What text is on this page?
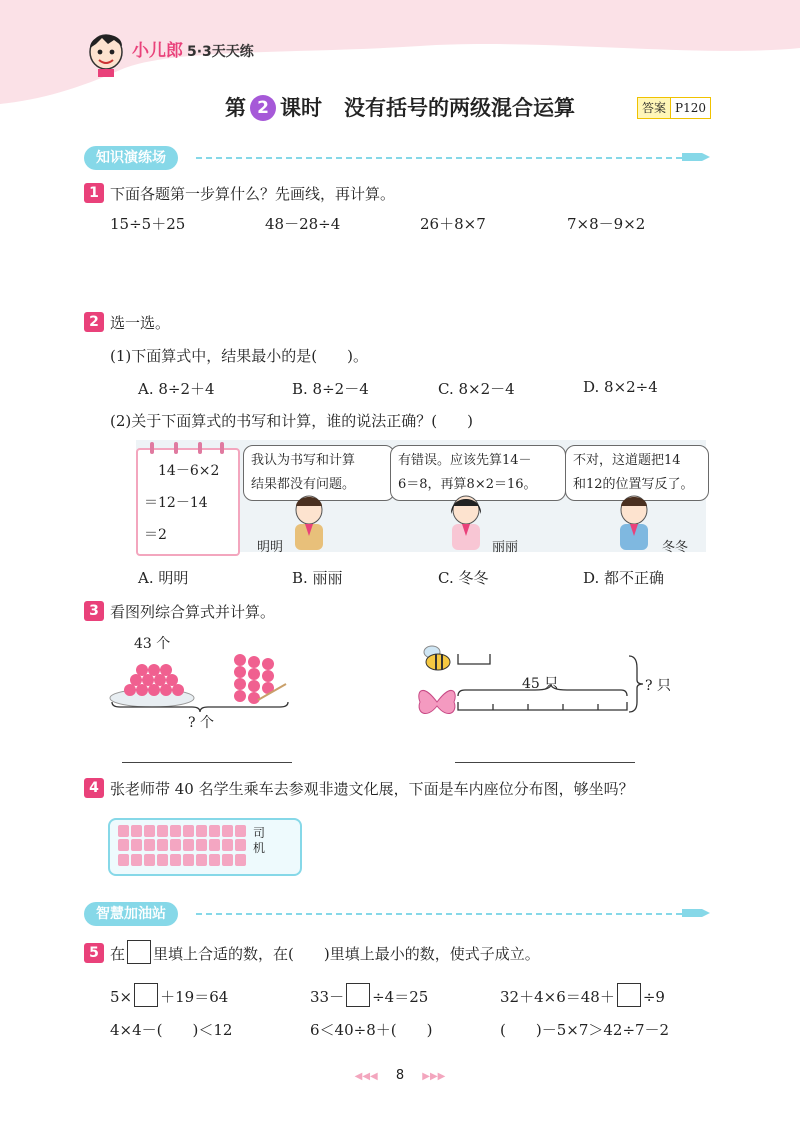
小儿郎 5·3天天练
第 2 课时 没有括号的两级混合运算	答案 P120
知识演练场
1 下面各题第一步算什么？先画线，再计算。
15÷5＋25	48－28÷4	26＋8×7	7×8－9×2
2 选一选。
(1)下面算式中，结果最小的是(　　)。
A. 8÷2＋4	B. 8÷2－4	C. 8×2－4	D. 8×2÷4
(2)关于下面算式的书写和计算，谁的说法正确？(　　)
14－6×2
＝12－14
＝2
我认为书写和计算
结果都没有问题。
有错误。应该先算14－
6＝8，再算8×2＝16。
不对，这道题把14
和12的位置写反了。
明明	丽丽	冬冬
A. 明明	B. 丽丽	C. 冬冬	D. 都不正确
3 看图列综合算式并计算。
43 个
? 个
45 只	? 只
4 张老师带 40 名学生乘车去参观非遗文化展，下面是车内座位分布图，够坐吗？
司
机
智慧加油站
5 在 里填上合适的数，在(　　)里填上最小的数，使式子成立。
5× ＋19＝64	33－ ÷4＝25	32＋4×6＝48＋ ÷9
4×4－(　　)＜12	6＜40÷8＋(　　)	(　　)－5×7＞42÷7－2
◀◀◀ 8 ▶▶▶
